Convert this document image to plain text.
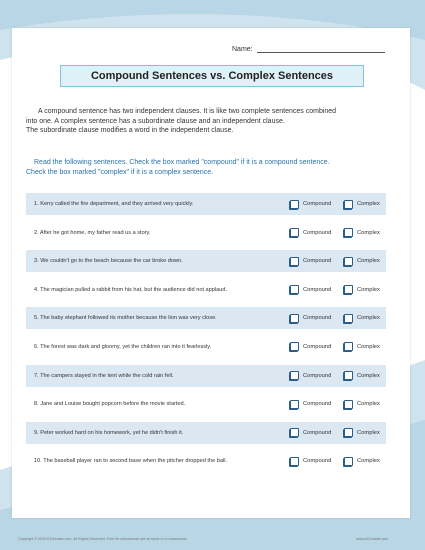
Name:
Compound Sentences vs. Complex Sentences
A compound sentence has two independent clauses. It is like two complete sentences combined
into one. A complex sentence has a subordinate clause and an independent clause.
The subordinate clause modifies a word in the independent clause.
Read the following sentences. Check the box marked "compound" if it is a compound sentence.
Check the box marked "complex" if it is a complex sentence.
1. Kerry called the fire department, and they arrived very quickly.	Compound	Complex
2. After he got home, my father read us a story.	Compound	Complex
3. We couldn't go to the beach because the car broke down.	Compound	Complex
4. The magician pulled a rabbit from his hat, but the audience did not applaud.	Compound	Complex
5. The baby elephant followed its mother because the lion was very close.	Compound	Complex
6. The forest was dark and gloomy, yet the children ran into it fearlessly.	Compound	Complex
7. The campers stayed in the tent while the cold rain fell.	Compound	Complex
8. Jane and Louise bought popcorn before the movie started.	Compound	Complex
9. Peter worked hard on his homework, yet he didn't finish it.	Compound	Complex
10. The baseball player ran to second base when the pitcher dropped the ball.	Compound	Complex
Copyright © 2013 K12reader.com. All Rights Reserved. Free for educational use at home or in classrooms.	www.k12reader.com
